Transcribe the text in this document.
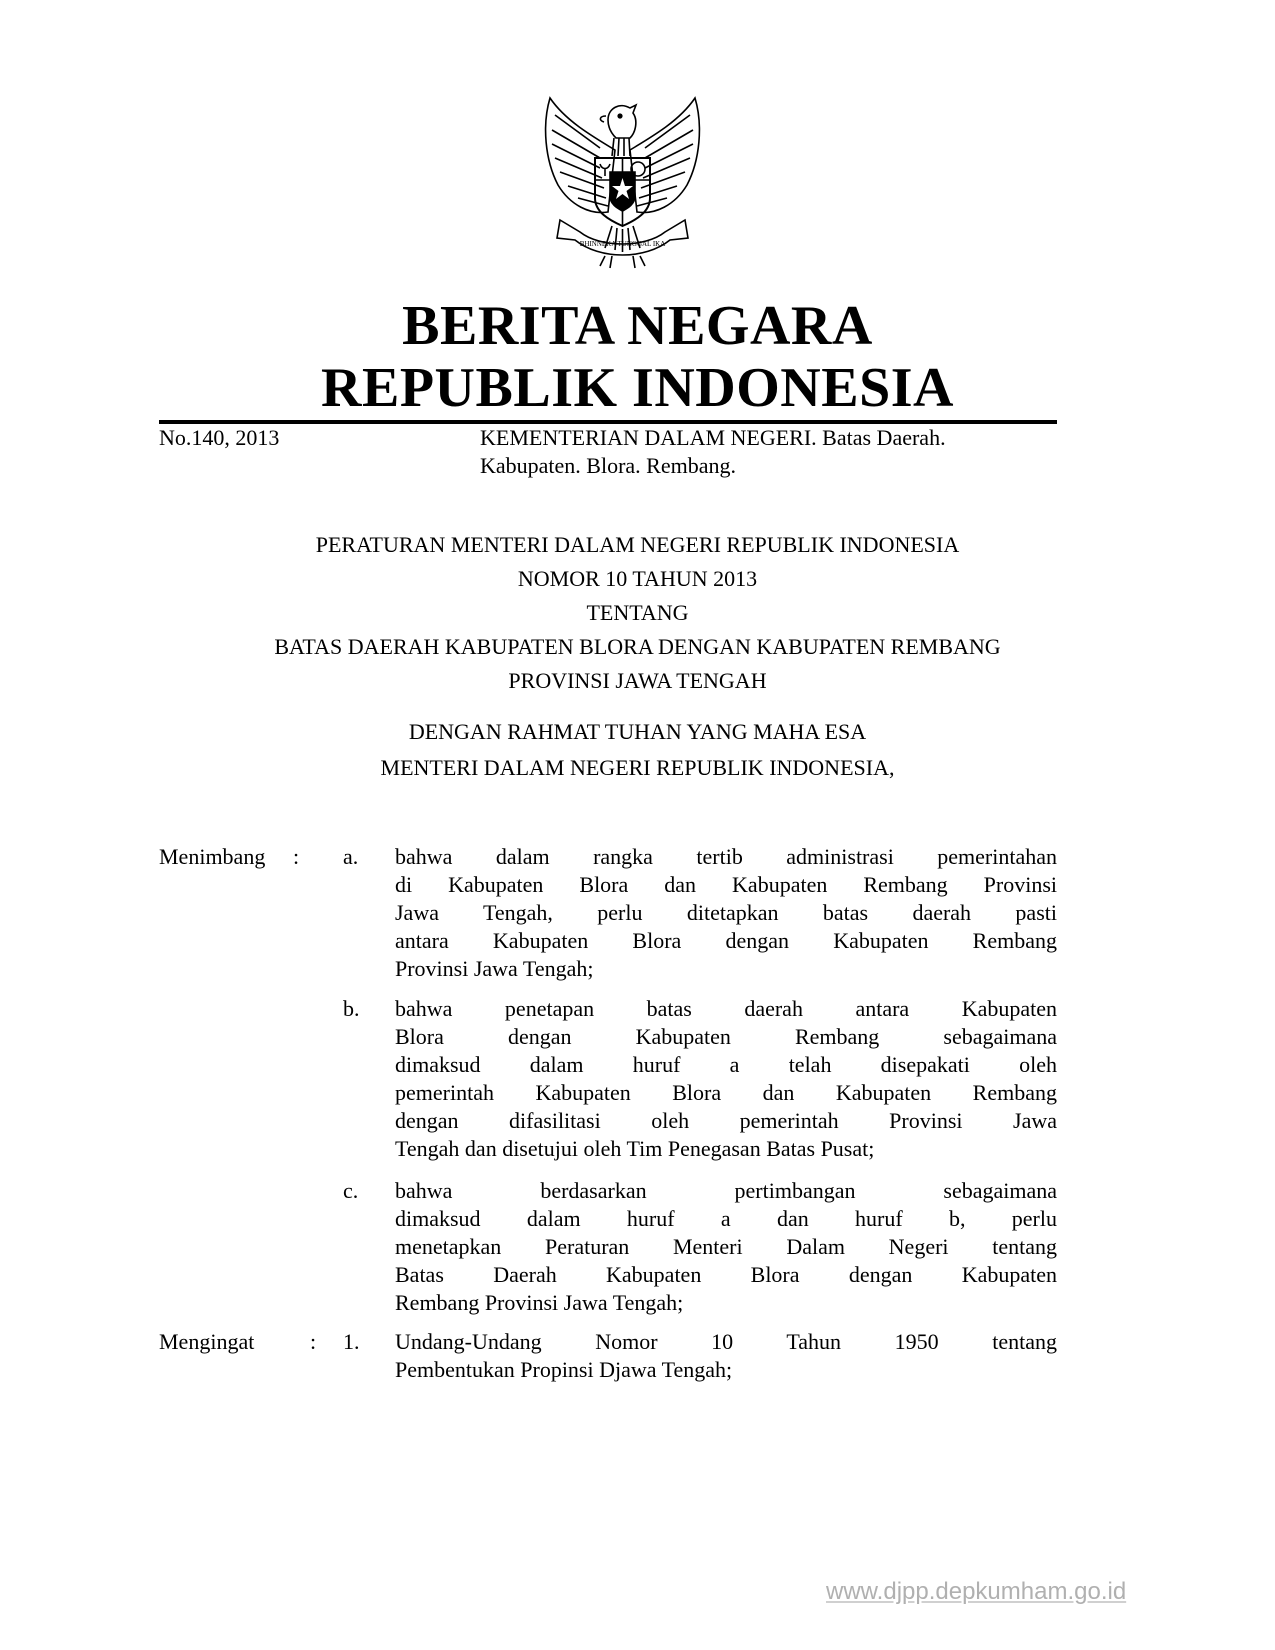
BHINNEKA TUNGGAL IKA
BERITA NEGARA
REPUBLIK INDONESIA
No.140, 2013	KEMENTERIAN DALAM NEGERI. Batas Daerah.
Kabupaten. Blora. Rembang.
PERATURAN MENTERI DALAM NEGERI REPUBLIK INDONESIA
NOMOR 10 TAHUN 2013
TENTANG
BATAS DAERAH KABUPATEN BLORA DENGAN KABUPATEN REMBANG
PROVINSI JAWA TENGAH
DENGAN RAHMAT TUHAN YANG MAHA ESA
MENTERI DALAM NEGERI REPUBLIK INDONESIA,
Menimbang : a. bahwa dalam rangka tertib administrasi pemerintahan
di Kabupaten Blora dan Kabupaten Rembang Provinsi
Jawa Tengah, perlu ditetapkan batas daerah pasti
antara Kabupaten Blora dengan Kabupaten Rembang
Provinsi Jawa Tengah;
b. bahwa penetapan batas daerah antara Kabupaten
Blora dengan Kabupaten Rembang sebagaimana
dimaksud dalam huruf a telah disepakati oleh
pemerintah Kabupaten Blora dan Kabupaten Rembang
dengan difasilitasi oleh pemerintah Provinsi Jawa
Tengah dan disetujui oleh Tim Penegasan Batas Pusat;
c. bahwa berdasarkan pertimbangan sebagaimana
dimaksud dalam huruf a dan huruf b, perlu
menetapkan Peraturan Menteri Dalam Negeri tentang
Batas Daerah Kabupaten Blora dengan Kabupaten
Rembang Provinsi Jawa Tengah;
Mengingat	: 1. Undang-Undang Nomor 10 Tahun 1950 tentang
Pembentukan Propinsi Djawa Tengah;
www.djpp.depkumham.go.id
